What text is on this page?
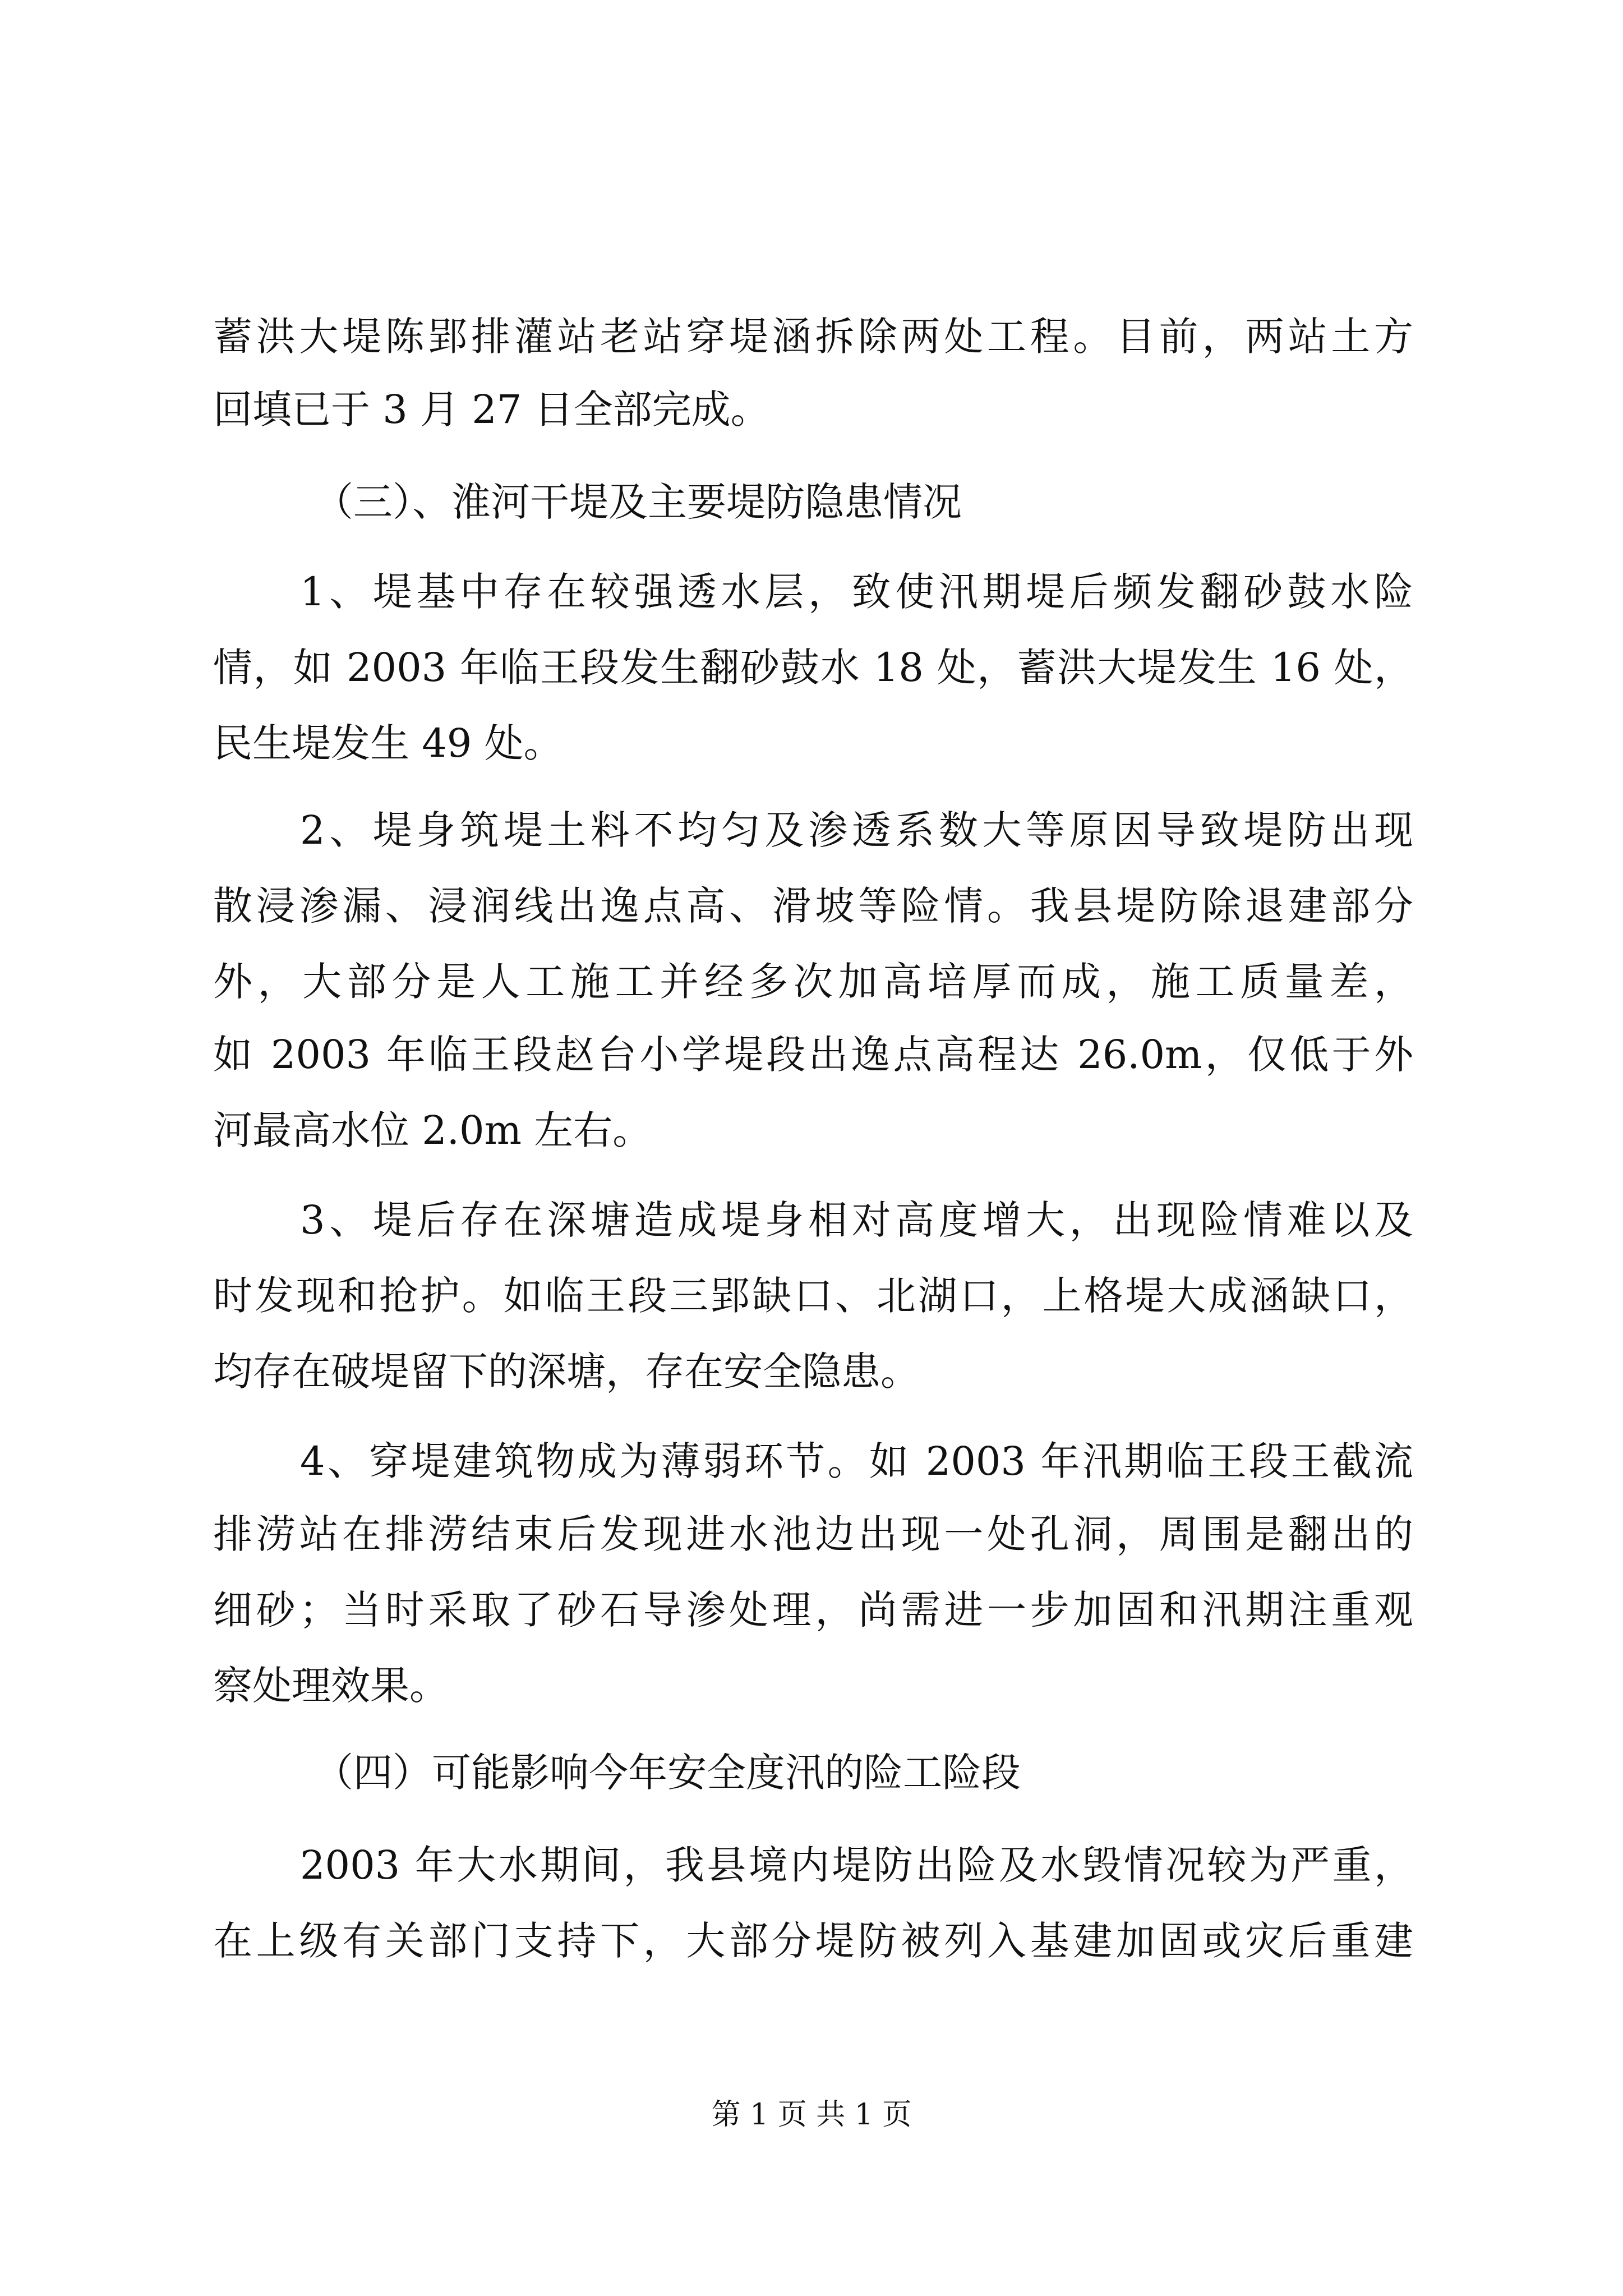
蓄洪大堤陈郢排灌站老站穿堤涵拆除两处工程。目前，两站土方
回填已于 3 月 27 日全部完成。
（三）、淮河干堤及主要堤防隐患情况
1、堤基中存在较强透水层，致使汛期堤后频发翻砂鼓水险
情，如 2003 年临王段发生翻砂鼓水 18 处，蓄洪大堤发生 16 处，
民生堤发生 49 处。
2、堤身筑堤土料不均匀及渗透系数大等原因导致堤防出现
散浸渗漏、浸润线出逸点高、滑坡等险情。我县堤防除退建部分
外，大部分是人工施工并经多次加高培厚而成，施工质量差，
如 2003 年临王段赵台小学堤段出逸点高程达 26.0m，仅低于外
河最高水位 2.0m 左右。
3、堤后存在深塘造成堤身相对高度增大，出现险情难以及
时发现和抢护。如临王段三郢缺口、北湖口，上格堤大成涵缺口，
均存在破堤留下的深塘，存在安全隐患。
4、穿堤建筑物成为薄弱环节。如 2003 年汛期临王段王截流
排涝站在排涝结束后发现进水池边出现一处孔洞，周围是翻出的
细砂；当时采取了砂石导渗处理，尚需进一步加固和汛期注重观
察处理效果。
（四）可能影响今年安全度汛的险工险段
2003 年大水期间，我县境内堤防出险及水毁情况较为严重，
在上级有关部门支持下，大部分堤防被列入基建加固或灾后重建
第 1 页 共 1 页
